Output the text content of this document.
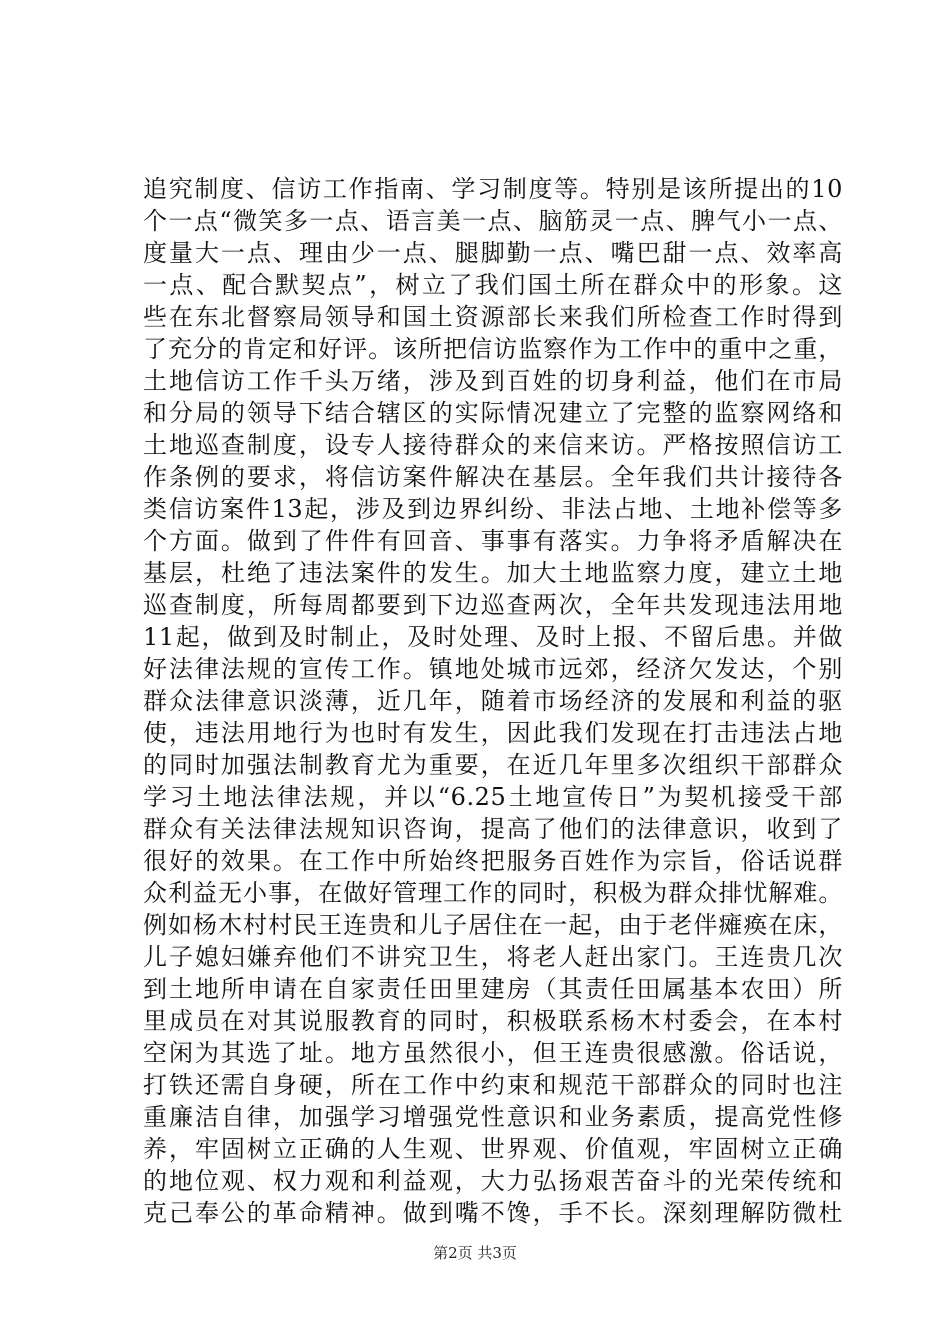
追究制度、信访工作指南、学习制度等。特别是该所提出的10
个一点“微笑多一点、语言美一点、脑筋灵一点、脾气小一点、
度量大一点、理由少一点、腿脚勤一点、嘴巴甜一点、效率高
一点、配合默契点”，树立了我们国土所在群众中的形象。这
些在东北督察局领导和国土资源部长来我们所检查工作时得到
了充分的肯定和好评。该所把信访监察作为工作中的重中之重，
土地信访工作千头万绪，涉及到百姓的切身利益，他们在市局
和分局的领导下结合辖区的实际情况建立了完整的监察网络和
土地巡查制度，设专人接待群众的来信来访。严格按照信访工
作条例的要求，将信访案件解决在基层。全年我们共计接待各
类信访案件13起，涉及到边界纠纷、非法占地、土地补偿等多
个方面。做到了件件有回音、事事有落实。力争将矛盾解决在
基层，杜绝了违法案件的发生。加大土地监察力度，建立土地
巡查制度，所每周都要到下边巡查两次，全年共发现违法用地
11起，做到及时制止，及时处理、及时上报、不留后患。并做
好法律法规的宣传工作。镇地处城市远郊，经济欠发达，个别
群众法律意识淡薄，近几年，随着市场经济的发展和利益的驱
使，违法用地行为也时有发生，因此我们发现在打击违法占地
的同时加强法制教育尤为重要，在近几年里多次组织干部群众
学习土地法律法规，并以“6.25土地宣传日”为契机接受干部
群众有关法律法规知识咨询，提高了他们的法律意识，收到了
很好的效果。在工作中所始终把服务百姓作为宗旨，俗话说群
众利益无小事，在做好管理工作的同时，积极为群众排忧解难。
例如杨木村村民王连贵和儿子居住在一起，由于老伴瘫痪在床，
儿子媳妇嫌弃他们不讲究卫生，将老人赶出家门。王连贵几次
到土地所申请在自家责任田里建房（其责任田属基本农田）所
里成员在对其说服教育的同时，积极联系杨木村委会，在本村
空闲为其选了址。地方虽然很小，但王连贵很感激。俗话说，
打铁还需自身硬，所在工作中约束和规范干部群众的同时也注
重廉洁自律，加强学习增强党性意识和业务素质，提高党性修
养，牢固树立正确的人生观、世界观、价值观，牢固树立正确
的地位观、权力观和利益观，大力弘扬艰苦奋斗的光荣传统和
克己奉公的革命精神。做到嘴不馋，手不长。深刻理解防微杜
第2页 共3页
